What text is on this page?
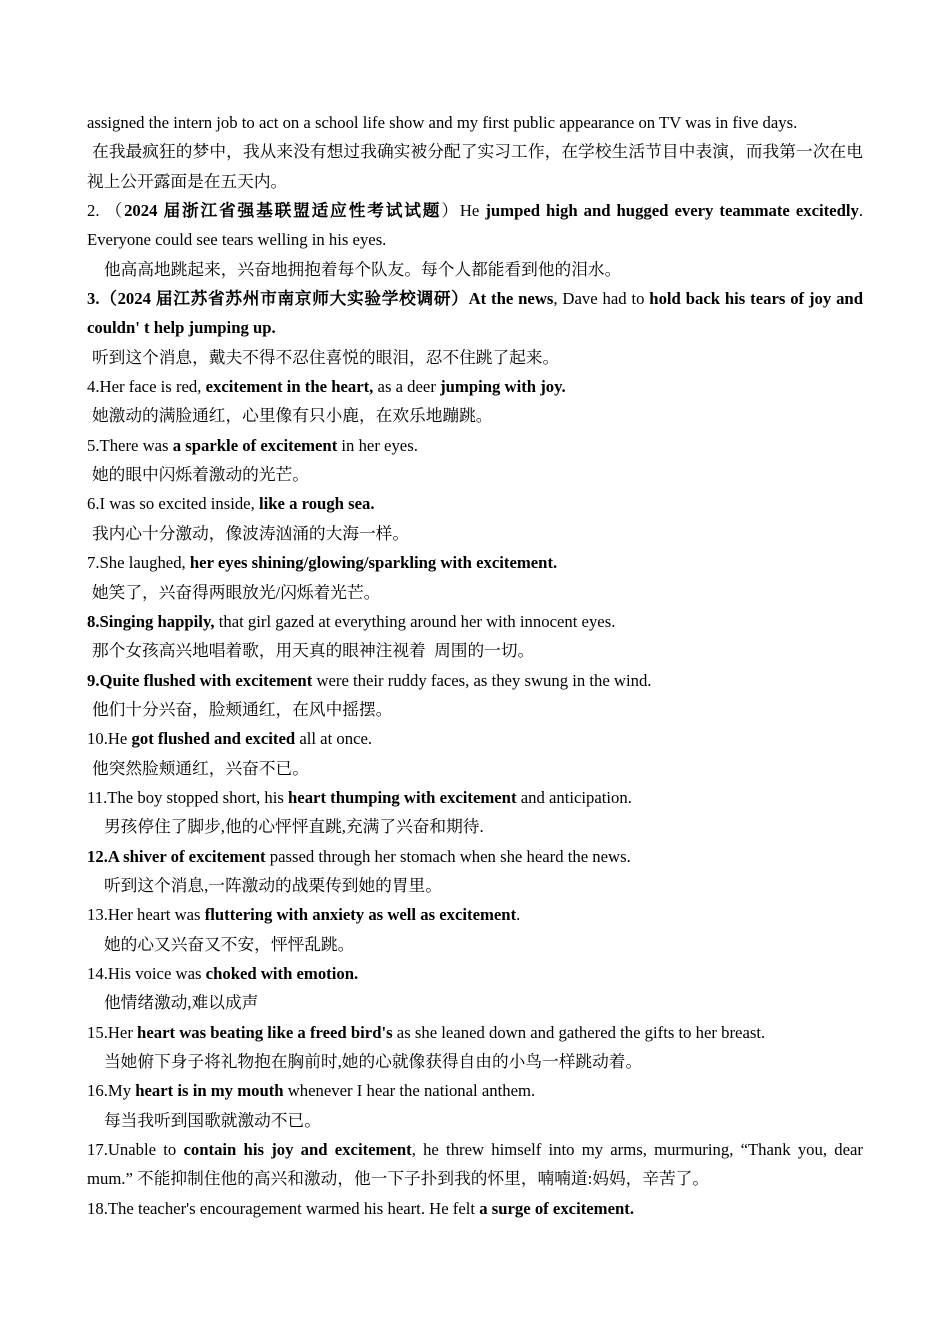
assigned the intern job to act on a school life show and my first public appearance on TV was in five days.

在我最疯狂的梦中，我从来没有想过我确实被分配了实习工作，在学校生活节目中表演，而我第一次在电视上公开露面是在五天内。

2. （2024 届浙江省强基联盟适应性考试试题）He jumped high and hugged every teammate excitedly. Everyone could see tears welling in his eyes.

他高高地跳起来，兴奋地拥抱着每个队友。每个人都能看到他的泪水。

3.（2024 届江苏省苏州市南京师大实验学校调研）At the news, Dave had to hold back his tears of joy and couldn' t help jumping up.

听到这个消息，戴夫不得不忍住喜悦的眼泪，忍不住跳了起来。

4.Her face is red, excitement in the heart, as a deer jumping with joy.

她激动的满脸通红，心里像有只小鹿，在欢乐地蹦跳。

5.There was a sparkle of excitement in her eyes.

她的眼中闪烁着激动的光芒。

6.I was so excited inside, like a rough sea.

我内心十分激动，像波涛汹涌的大海一样。

7.She laughed, her eyes shining/glowing/sparkling with excitement.

她笑了，兴奋得两眼放光/闪烁着光芒。

8.Singing happily, that girl gazed at everything around her with innocent eyes.

那个女孩高兴地唱着歌，用天真的眼神注视着  周围的一切。

9.Quite flushed with excitement were their ruddy faces, as they swung in the wind.

他们十分兴奋，脸颊通红，在风中摇摆。

10.He got flushed and excited all at once.

他突然脸颊通红，兴奋不已。

11.The boy stopped short, his heart thumping with excitement and anticipation.

男孩停住了脚步,他的心怦怦直跳,充满了兴奋和期待.

12.A shiver of excitement passed through her stomach when she heard the news.

听到这个消息,一阵激动的战栗传到她的胃里。

13.Her heart was fluttering with anxiety as well as excitement.

她的心又兴奋又不安，怦怦乱跳。

14.His voice was choked with emotion.

他情绪激动,难以成声

15.Her heart was beating like a freed bird's as she leaned down and gathered the gifts to her breast.

当她俯下身子将礼物抱在胸前时,她的心就像获得自由的小鸟一样跳动着。

16.My heart is in my mouth whenever I hear the national anthem.

每当我听到国歌就激动不已。

17.Unable to contain his joy and excitement, he threw himself into my arms, murmuring, “Thank you, dear mum.” 不能抑制住他的高兴和激动，他一下子扑到我的怀里，喃喃道:妈妈，辛苦了。

18.The teacher's encouragement warmed his heart. He felt a surge of excitement.
